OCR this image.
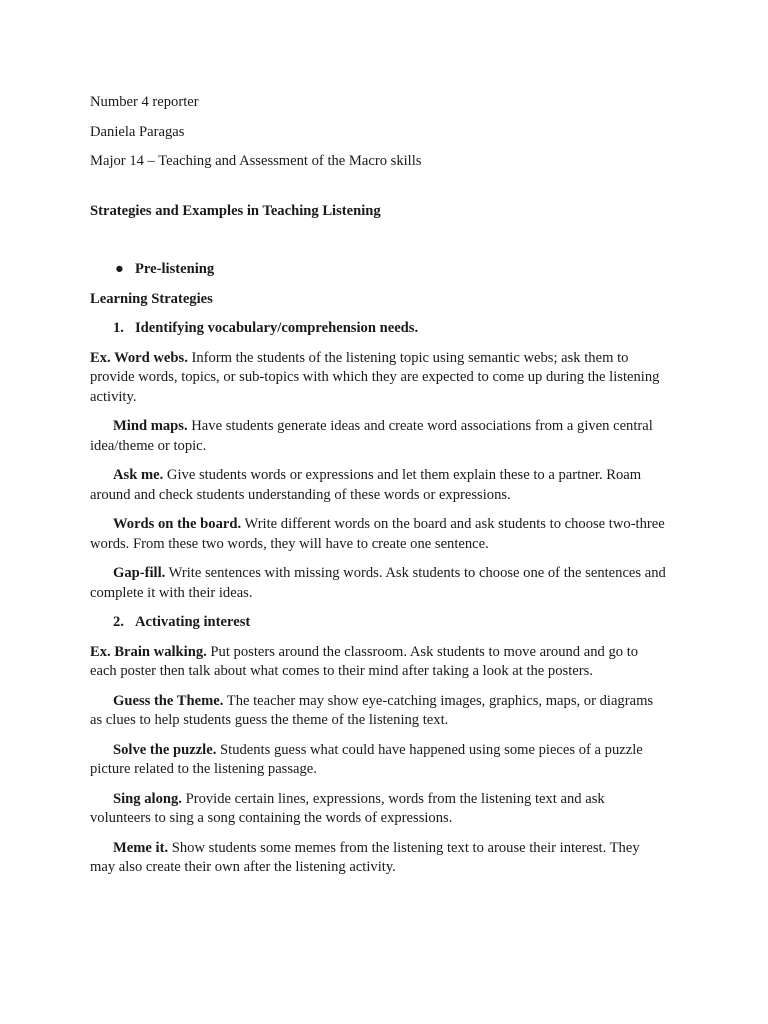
Number 4 reporter
Daniela Paragas
Major 14 – Teaching and Assessment of the Macro skills
Strategies and Examples in Teaching Listening
● Pre-listening
Learning Strategies
1. Identifying vocabulary/comprehension needs.
Ex. Word webs. Inform the students of the listening topic using semantic webs; ask them to provide words, topics, or sub-topics with which they are expected to come up during the listening activity.
Mind maps. Have students generate ideas and create word associations from a given central idea/theme or topic.
Ask me. Give students words or expressions and let them explain these to a partner. Roam around and check students understanding of these words or expressions.
Words on the board. Write different words on the board and ask students to choose two-three words. From these two words, they will have to create one sentence.
Gap-fill. Write sentences with missing words. Ask students to choose one of the sentences and complete it with their ideas.
2. Activating interest
Ex. Brain walking. Put posters around the classroom. Ask students to move around and go to each poster then talk about what comes to their mind after taking a look at the posters.
Guess the Theme. The teacher may show eye-catching images, graphics, maps, or diagrams as clues to help students guess the theme of the listening text.
Solve the puzzle. Students guess what could have happened using some pieces of a puzzle picture related to the listening passage.
Sing along. Provide certain lines, expressions, words from the listening text and ask volunteers to sing a song containing the words of expressions.
Meme it. Show students some memes from the listening text to arouse their interest. They may also create their own after the listening activity.
